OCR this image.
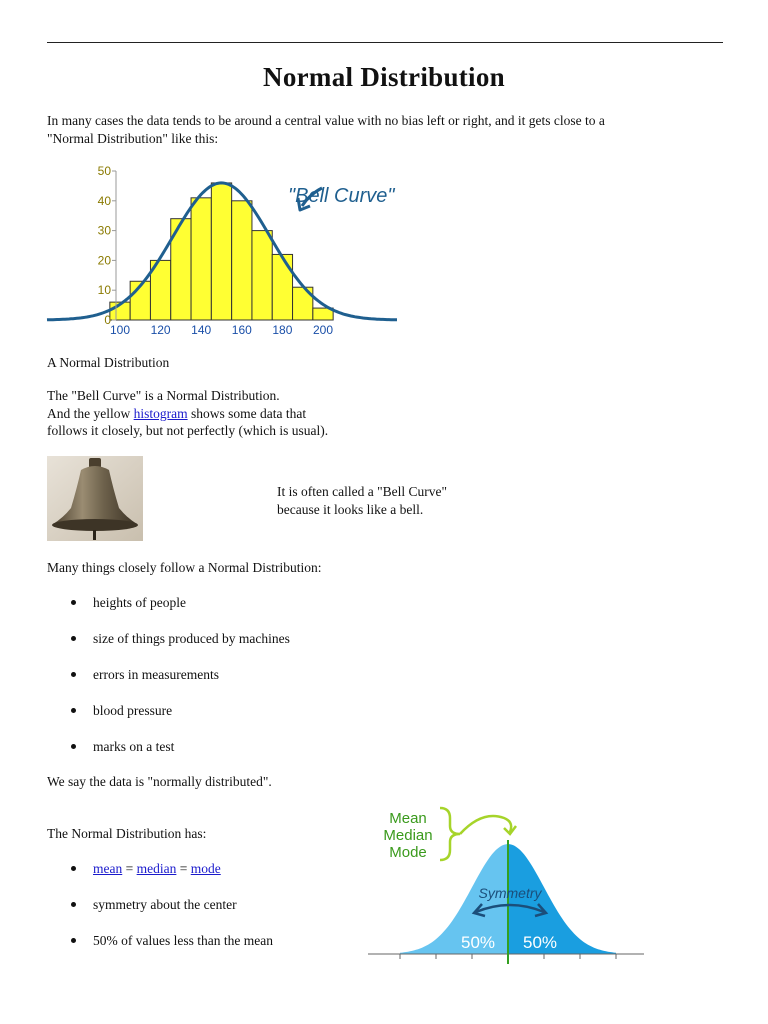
Normal Distribution
In many cases the data tends to be around a central value with no bias left or right, and it gets close to a
"Normal Distribution" like this:
0
10
20
30
40
50
100 120 140 160 180 200
"Bell Curve"
A Normal Distribution
The "Bell Curve" is a Normal Distribution.
And the yellow histogram shows some data that
follows it closely, but not perfectly (which is usual).
It is often called a "Bell Curve"
because it looks like a bell.
Many things closely follow a Normal Distribution:
heights of people
size of things produced by machines
errors in measurements
blood pressure
marks on a test
We say the data is "normally distributed".
The Normal Distribution has:
mean = median = mode
symmetry about the center
50% of values less than the mean
Mean
Median
Mode
Symmetry
50% 50%
